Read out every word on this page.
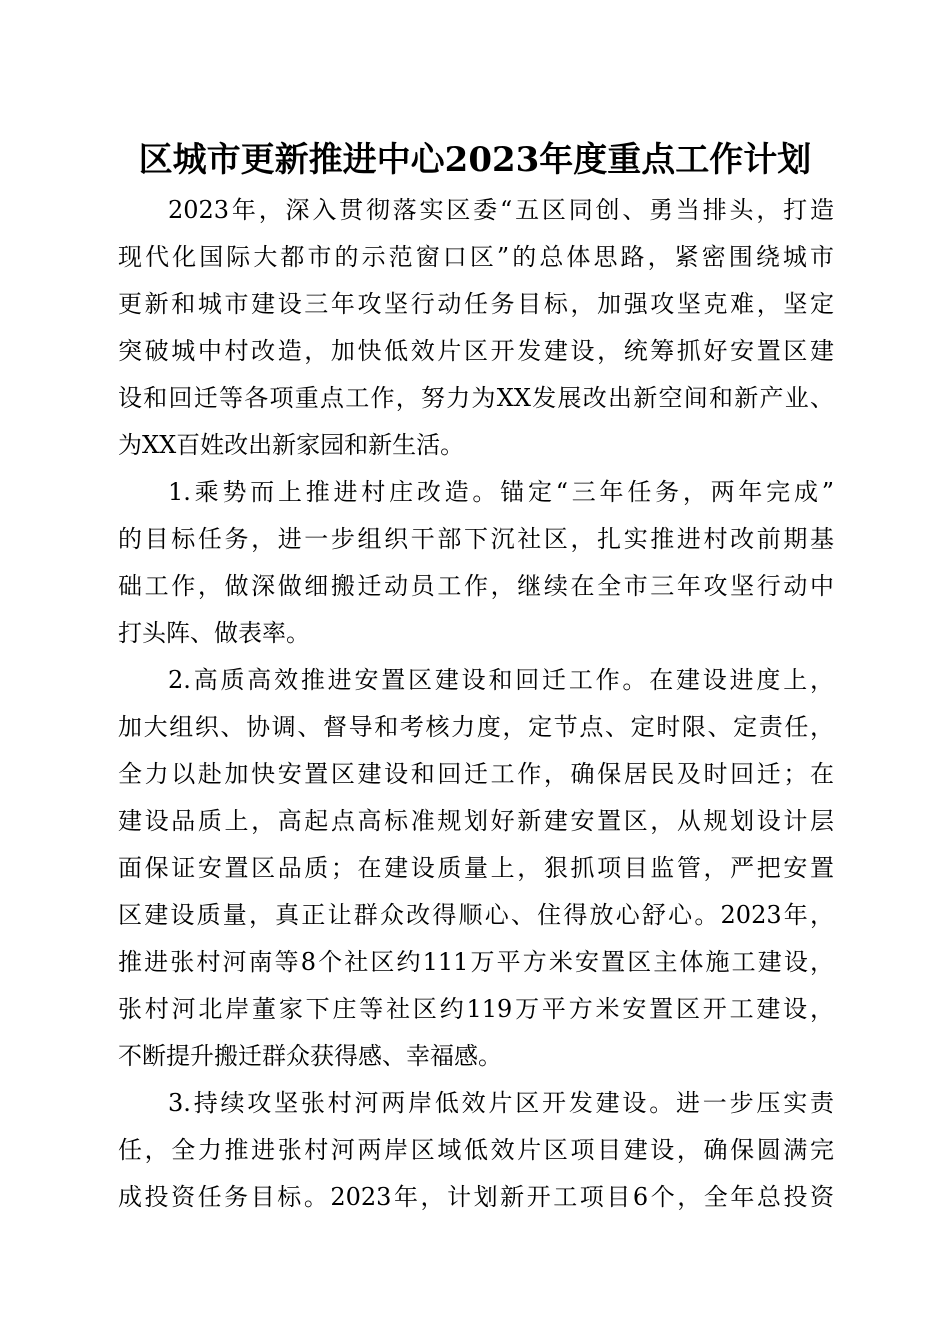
区城市更新推进中心2023年度重点工作计划

2023年，深入贯彻落实区委“五区同创、勇当排头，打造
现代化国际大都市的示范窗口区”的总体思路，紧密围绕城市
更新和城市建设三年攻坚行动任务目标，加强攻坚克难，坚定
突破城中村改造，加快低效片区开发建设，统筹抓好安置区建
设和回迁等各项重点工作，努力为XX发展改出新空间和新产业、
为XX百姓改出新家园和新生活。

1.乘势而上推进村庄改造。锚定“三年任务，两年完成”
的目标任务，进一步组织干部下沉社区，扎实推进村改前期基
础工作，做深做细搬迁动员工作，继续在全市三年攻坚行动中
打头阵、做表率。

2.高质高效推进安置区建设和回迁工作。在建设进度上，
加大组织、协调、督导和考核力度，定节点、定时限、定责任，
全力以赴加快安置区建设和回迁工作，确保居民及时回迁；在
建设品质上，高起点高标准规划好新建安置区，从规划设计层
面保证安置区品质；在建设质量上，狠抓项目监管，严把安置
区建设质量，真正让群众改得顺心、住得放心舒心。2023年，
推进张村河南等8个社区约111万平方米安置区主体施工建设，
张村河北岸董家下庄等社区约119万平方米安置区开工建设，
不断提升搬迁群众获得感、幸福感。

3.持续攻坚张村河两岸低效片区开发建设。进一步压实责
任，全力推进张村河两岸区域低效片区项目建设，确保圆满完
成投资任务目标。2023年，计划新开工项目6个，全年总投资
